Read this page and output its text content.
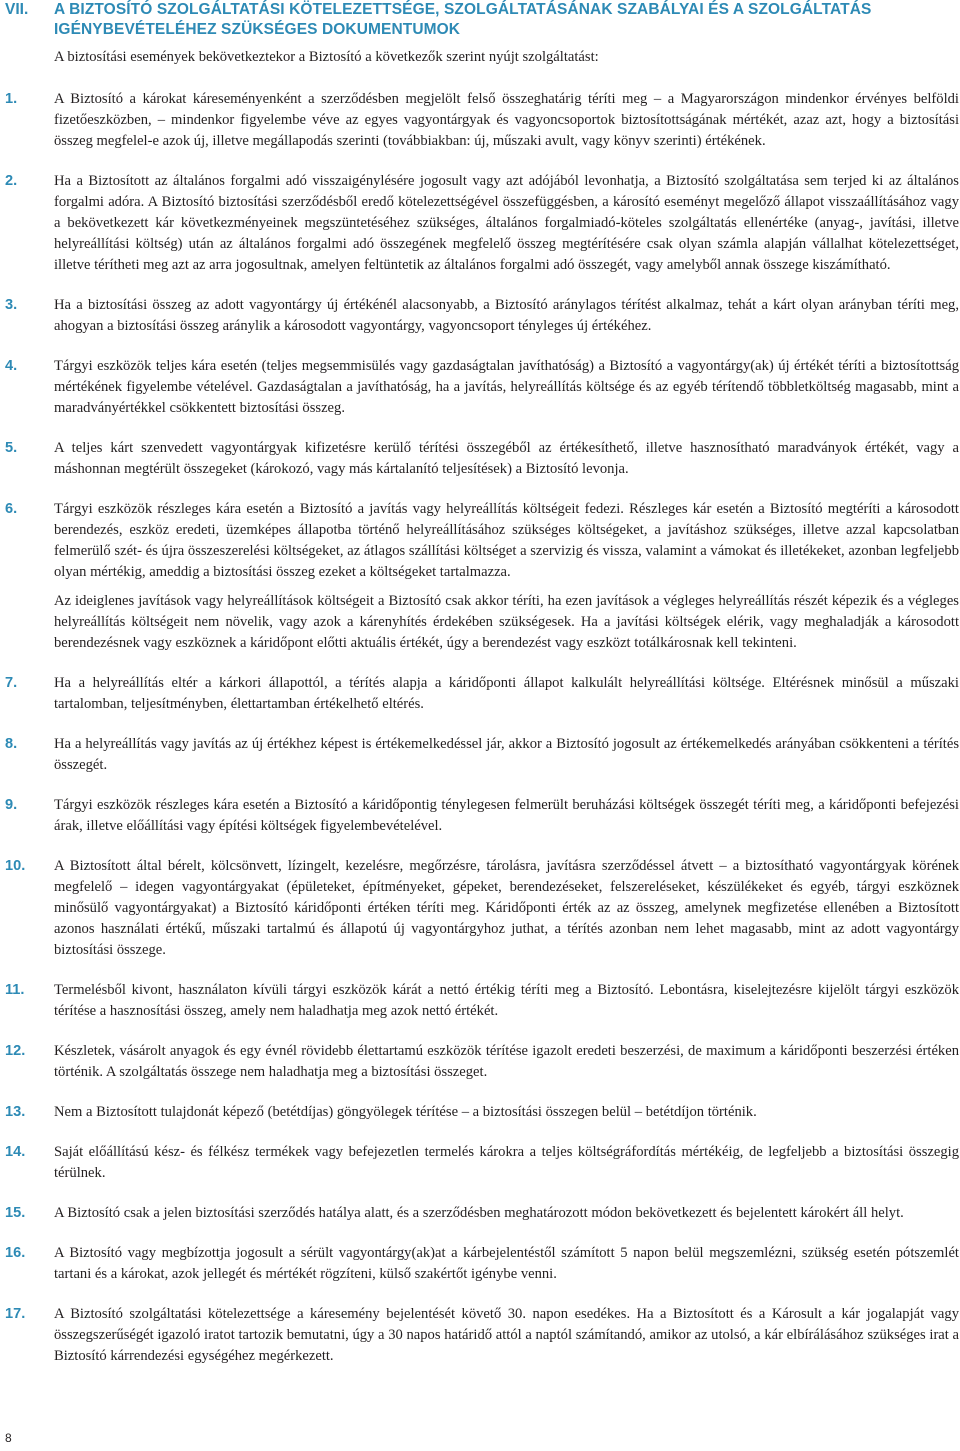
VII. A BIZTOSÍTÓ SZOLGÁLTATÁSI KÖTELEZETTSÉGE, SZOLGÁLTATÁSÁNAK SZABÁLYAI ÉS A SZOLGÁLTATÁS IGÉNYBEVÉTELÉHEZ SZÜKSÉGES DOKUMENTUMOK
A biztosítási események bekövetkeztekor a Biztosító a következők szerint nyújt szolgáltatást:
1.	A Biztosító a károkat káreseményenként a szerződésben megjelölt felső összeghatárig téríti meg – a Magyarországon mindenkor érvényes belföldi fizetőeszközben, – mindenkor figyelembe véve az egyes vagyontárgyak és vagyoncsoportok biztosítottságának mértékét, azaz azt, hogy a biztosítási összeg megfelel-e azok új, illetve megállapodás szerinti (továbbiakban: új, műszaki avult, vagy könyv szerinti) értékének.

2.	Ha a Biztosított az általános forgalmi adó visszaigénylésére jogosult vagy azt adójából levonhatja, a Biztosító szolgáltatása sem terjed ki az általános forgalmi adóra. A Biztosító biztosítási szerződésből eredő kötelezettségével összefüggésben, a károsító eseményt megelőző állapot visszaállításához vagy a bekövetkezett kár következményeinek megszüntetéséhez szükséges, általános forgalmiadó-köteles szolgáltatás ellenértéke (anyag-, javítási, illetve helyreállítási költség) után az általános forgalmi adó összegének megfelelő összeg megtérítésére csak olyan számla alapján vállalhat kötelezettséget, illetve térítheti meg azt az arra jogosultnak, amelyen feltüntetik az általános forgalmi adó összegét, vagy amelyből annak összege kiszámítható.

3.	Ha a biztosítási összeg az adott vagyontárgy új értékénél alacsonyabb, a Biztosító aránylagos térítést alkalmaz, tehát a kárt olyan arányban téríti meg, ahogyan a biztosítási összeg aránylik a károsodott vagyontárgy, vagyoncsoport tényleges új értékéhez.

4.	Tárgyi eszközök teljes kára esetén (teljes megsemmisülés vagy gazdaságtalan javíthatóság) a Biztosító a vagyontárgy(ak) új értékét téríti a biztosítottság mértékének figyelembe vételével. Gazdaságtalan a javíthatóság, ha a javítás, helyreállítás költsége és az egyéb térítendő többletköltség magasabb, mint a maradványértékkel csökkentett biztosítási összeg.

5.	A teljes kárt szenvedett vagyontárgyak kifizetésre kerülő térítési összegéből az értékesíthető, illetve hasznosítható maradványok értékét, vagy a máshonnan megtérült összegeket (károkozó, vagy más kártalanító teljesítések) a Biztosító levonja.

6.	Tárgyi eszközök részleges kára esetén a Biztosító a javítás vagy helyreállítás költségeit fedezi. Részleges kár esetén a Biztosító megtéríti a károsodott berendezés, eszköz eredeti, üzemképes állapotba történő helyreállításához szükséges költségeket, a javításhoz szükséges, illetve azzal kapcsolatban felmerülő szét- és újra összeszerelési költségeket, az átlagos szállítási költséget a szervizig és vissza, valamint a vámokat és illetékeket, azonban legfeljebb olyan mértékig, ameddig a biztosítási összeg ezeket a költségeket tartalmazza.

Az ideiglenes javítások vagy helyreállítások költségeit a Biztosító csak akkor téríti, ha ezen javítások a végleges helyreállítás részét képezik és a végleges helyreállítás költségeit nem növelik, vagy azok a kárenyhítés érdekében szükségesek. Ha a javítási költségek elérik, vagy meghaladják a károsodott berendezésnek vagy eszköznek a káridőpont előtti aktuális értékét, úgy a berendezést vagy eszközt totálkárosnak kell tekinteni.

7.	Ha a helyreállítás eltér a kárkori állapottól, a térítés alapja a káridőponti állapot kalkulált helyreállítási költsége. Eltérésnek minősül a műszaki tartalomban, teljesítményben, élettartamban értékelhető eltérés.

8.	Ha a helyreállítás vagy javítás az új értékhez képest is értékemelkedéssel jár, akkor a Biztosító jogosult az értékemelkedés arányában csökkenteni a térítés összegét.

9.	Tárgyi eszközök részleges kára esetén a Biztosító a káridőpontig ténylegesen felmerült beruházási költségek összegét téríti meg, a káridőponti befejezési árak, illetve előállítási vagy építési költségek figyelembevételével.

10. A Biztosított által bérelt, kölcsönvett, lízingelt, kezelésre, megőrzésre, tárolásra, javításra szerződéssel átvett – a biztosítható vagyontárgyak körének megfelelő – idegen vagyontárgyakat (épületeket, építményeket, gépeket, berendezéseket, felszereléseket, készülékeket és egyéb, tárgyi eszköznek minősülő vagyontárgyakat) a Biztosító káridőponti értéken téríti meg. Káridőponti érték az az összeg, amelynek megfizetése ellenében a Biztosított azonos használati értékű, műszaki tartalmú és állapotú új vagyontárgyhoz juthat, a térítés azonban nem lehet magasabb, mint az adott vagyontárgy biztosítási összege.

11. Termelésből kivont, használaton kívüli tárgyi eszközök kárát a nettó értékig téríti meg a Biztosító. Lebontásra, kiselejtezésre kijelölt tárgyi eszközök térítése a hasznosítási összeg, amely nem haladhatja meg azok nettó értékét.

12. Készletek, vásárolt anyagok és egy évnél rövidebb élettartamú eszközök térítése igazolt eredeti beszerzési, de maximum a káridőponti beszerzési értéken történik. A szolgáltatás összege nem haladhatja meg a biztosítási összeget.

13. Nem a Biztosított tulajdonát képező (betétdíjas) göngyölegek térítése – a biztosítási összegen belül – betétdíjon történik.

14. Saját előállítású kész- és félkész termékek vagy befejezetlen termelés károkra a teljes költségráfordítás mértékéig, de legfeljebb a biztosítási összegig térülnek.

15. A Biztosító csak a jelen biztosítási szerződés hatálya alatt, és a szerződésben meghatározott módon bekövetkezett és bejelentett károkért áll helyt.

16. A Biztosító vagy megbízottja jogosult a sérült vagyontárgy(ak)at a kárbejelentéstől számított 5 napon belül megszemlézni, szükség esetén pótszemlét tartani és a károkat, azok jellegét és mértékét rögzíteni, külső szakértőt igénybe venni.

17. A Biztosító szolgáltatási kötelezettsége a káresemény bejelentését követő 30. napon esedékes. Ha a Biztosított és a Károsult a kár jogalapját vagy összegszerűségét igazoló iratot tartozik bemutatni, úgy a 30 napos határidő attól a naptól számítandó, amikor az utolsó, a kár elbírálásához szükséges irat a Biztosító kárrendezési egységéhez megérkezett.

8
